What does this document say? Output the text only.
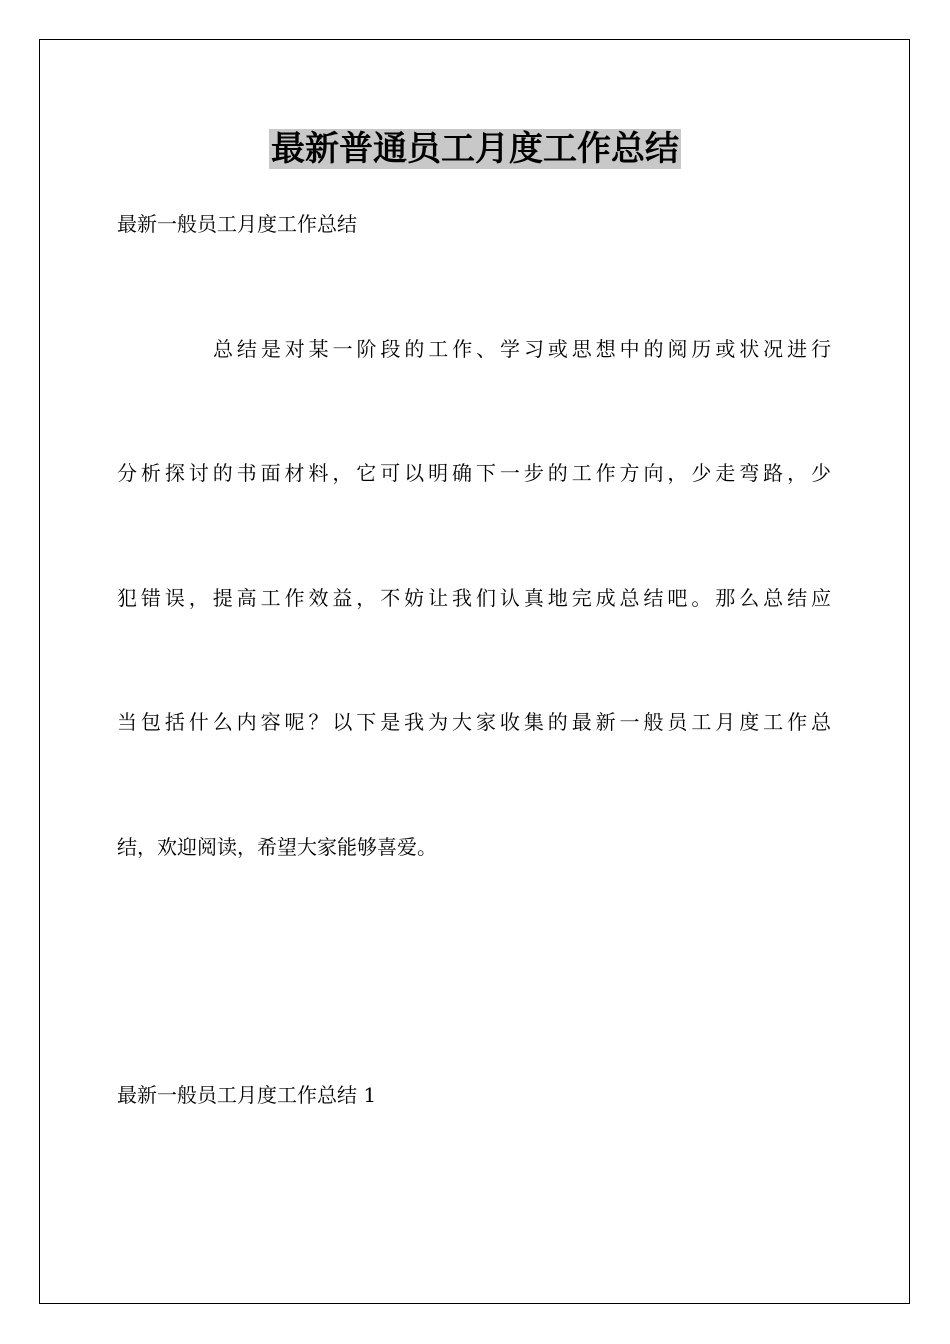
最新普通员工月度工作总结
最新一般员工月度工作总结
总结是对某一阶段的工作、学习或思想中的阅历或状况进行
分析探讨的书面材料，它可以明确下一步的工作方向，少走弯路，少
犯错误，提高工作效益，不妨让我们认真地完成总结吧。那么总结应
当包括什么内容呢？以下是我为大家收集的最新一般员工月度工作总
结，欢迎阅读，希望大家能够喜爱。
最新一般员工月度工作总结 1
